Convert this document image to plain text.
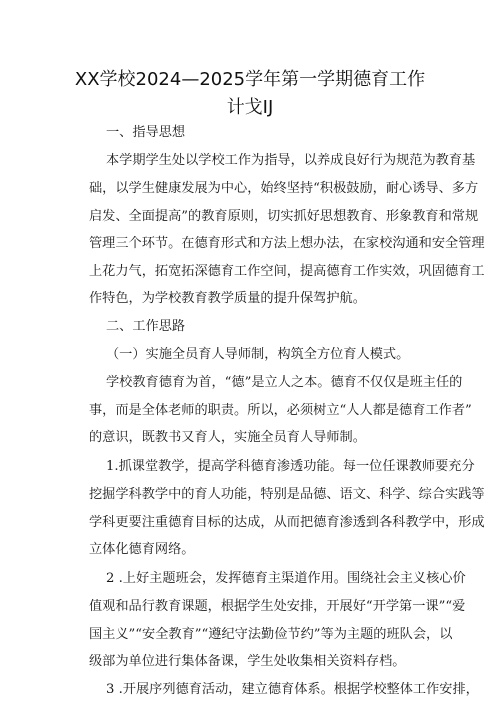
XX学校2024—2025学年第一学期德育工作
计戈IJ
一、指导思想
本学期学生处以学校工作为指导，以养成良好行为规范为教育基
础，以学生健康发展为中心，始终坚持“积极鼓励，耐心诱导、多方
启发、全面提高”的教育原则，切实抓好思想教育、形象教育和常规
管理三个环节。在德育形式和方法上想办法，在家校沟通和安全管理
上花力气，拓宽拓深德育工作空间，提高德育工作实效，巩固德育工
作特色，为学校教育教学质量的提升保驾护航。
二、工作思路
（一）实施全员育人导师制，构筑全方位育人模式。
学校教育德育为首，“德”是立人之本。德育不仅仅是班主任的
事，而是全体老师的职责。所以，必须树立“人人都是德育工作者”
的意识，既教书又育人，实施全员育人导师制。
1.抓课堂教学，提高学科德育渗透功能。每一位任课教师要充分
挖掘学科教学中的育人功能，特别是品德、语文、科学、综合实践等
学科更要注重德育目标的达成，从而把德育渗透到各科教学中，形成
立体化德育网络。
2 .上好主题班会，发挥德育主渠道作用。围绕社会主义核心价
值观和品行教育课题，根据学生处安排，开展好“开学第一课”“爱
国主义”“安全教育”“遵纪守法勤俭节约”等为主题的班队会，以
级部为单位进行集体备课，学生处收集相关资料存档。
3 .开展序列德育活动，建立德育体系。根据学校整体工作安排，
